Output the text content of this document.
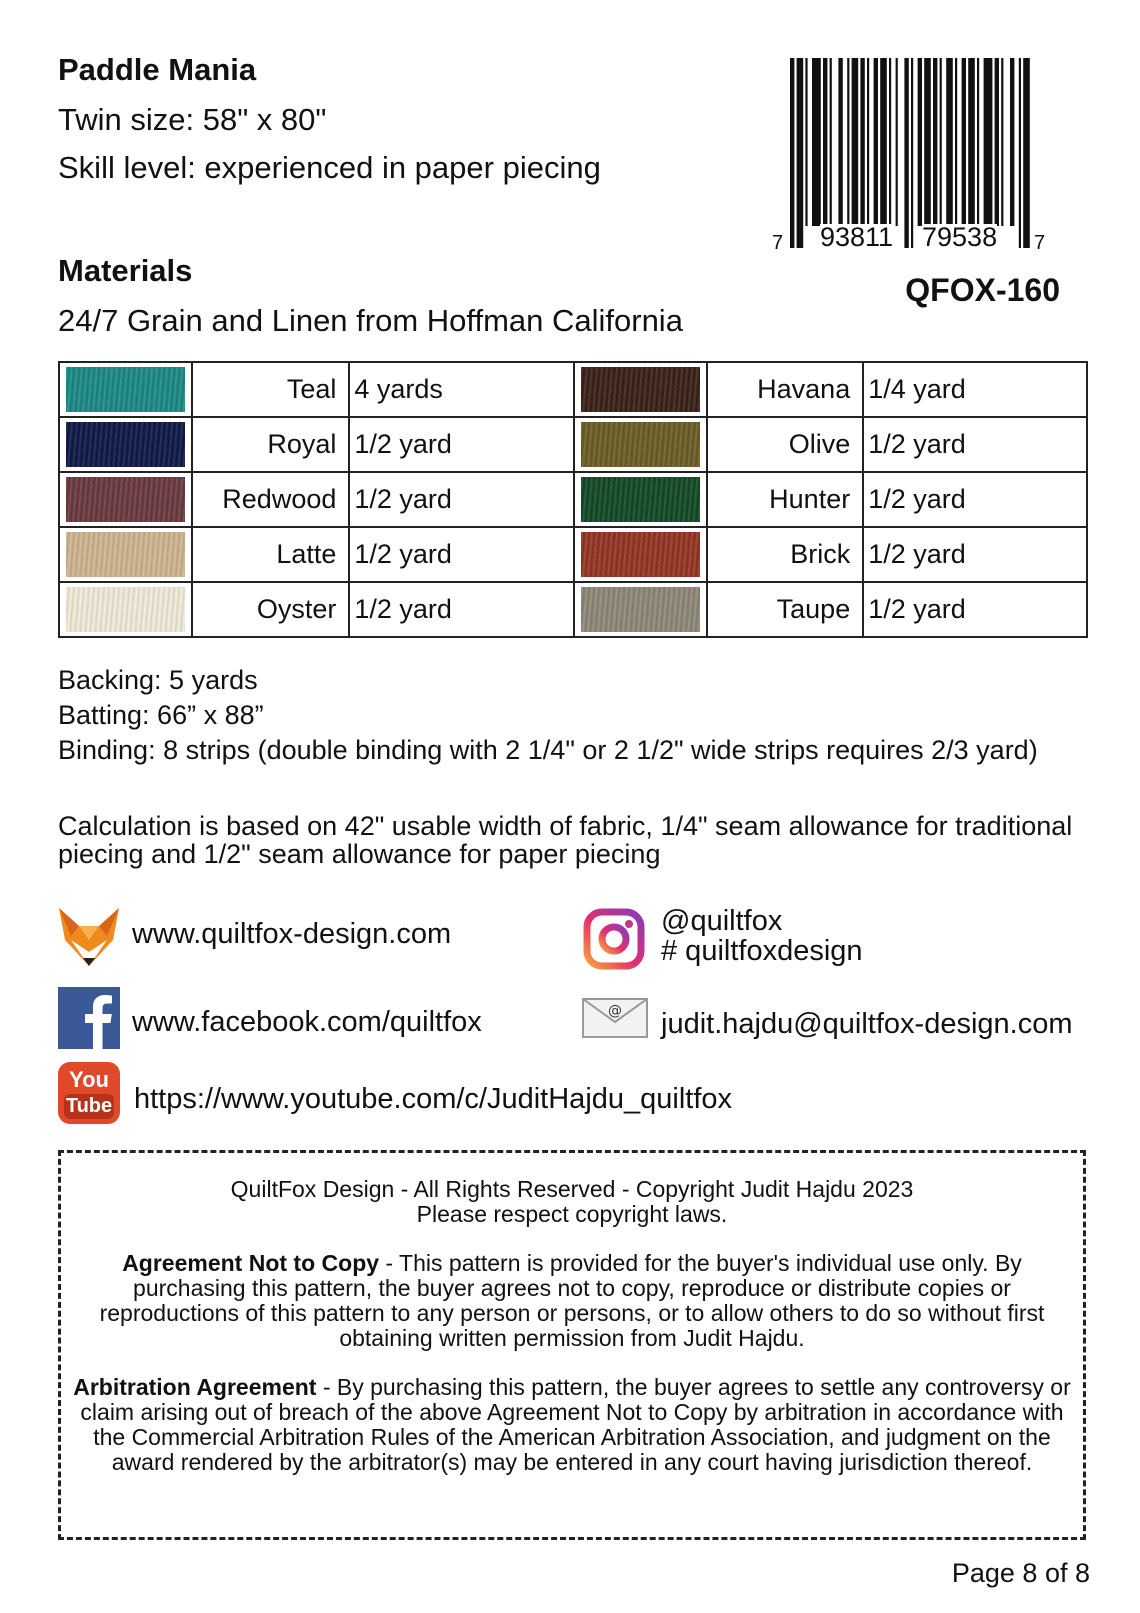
Paddle Mania
Twin size: 58" x 80"
Skill level: experienced in paper piecing
7 93811 79538 7
QFOX-160
Materials
24/7 Grain and Linen from Hoffman California
	Teal	4 yards		Havana	1/4 yard

	Royal	1/2 yard		Olive	1/2 yard

	Redwood	1/2 yard		Hunter	1/2 yard

	Latte	1/2 yard		Brick	1/2 yard

	Oyster	1/2 yard		Taupe	1/2 yard
Backing: 5 yards
Batting: 66” x 88”
Binding: 8 strips (double binding with 2 1/4" or 2 1/2" wide strips requires 2/3 yard)
Calculation is based on 42" usable width of fabric, 1/4" seam allowance for traditional piecing and 1/2" seam allowance for paper piecing
www.quiltfox-design.com
www.facebook.com/quiltfox
You
Tube https://www.youtube.com/c/JuditHajdu_quiltfox
@quiltfox
# quiltfoxdesign
@ judit.hajdu@quiltfox-design.com

QuiltFox Design - All Rights Reserved - Copyright Judit Hajdu 2023

Please respect copyright laws.

Agreement Not to Copy - This pattern is provided for the buyer's individual use only. By purchasing this pattern, the buyer agrees not to copy, reproduce or distribute copies or reproductions of this pattern to any person or persons, or to allow others to do so without first obtaining written permission from Judit Hajdu.

Arbitration Agreement - By purchasing this pattern, the buyer agrees to settle any controversy or claim arising out of breach of the above Agreement Not to Copy by arbitration in accordance with the Commercial Arbitration Rules of the American Arbitration Association, and judgment on the award rendered by the arbitrator(s) may be entered in any court having jurisdiction thereof.

Page 8 of 8
